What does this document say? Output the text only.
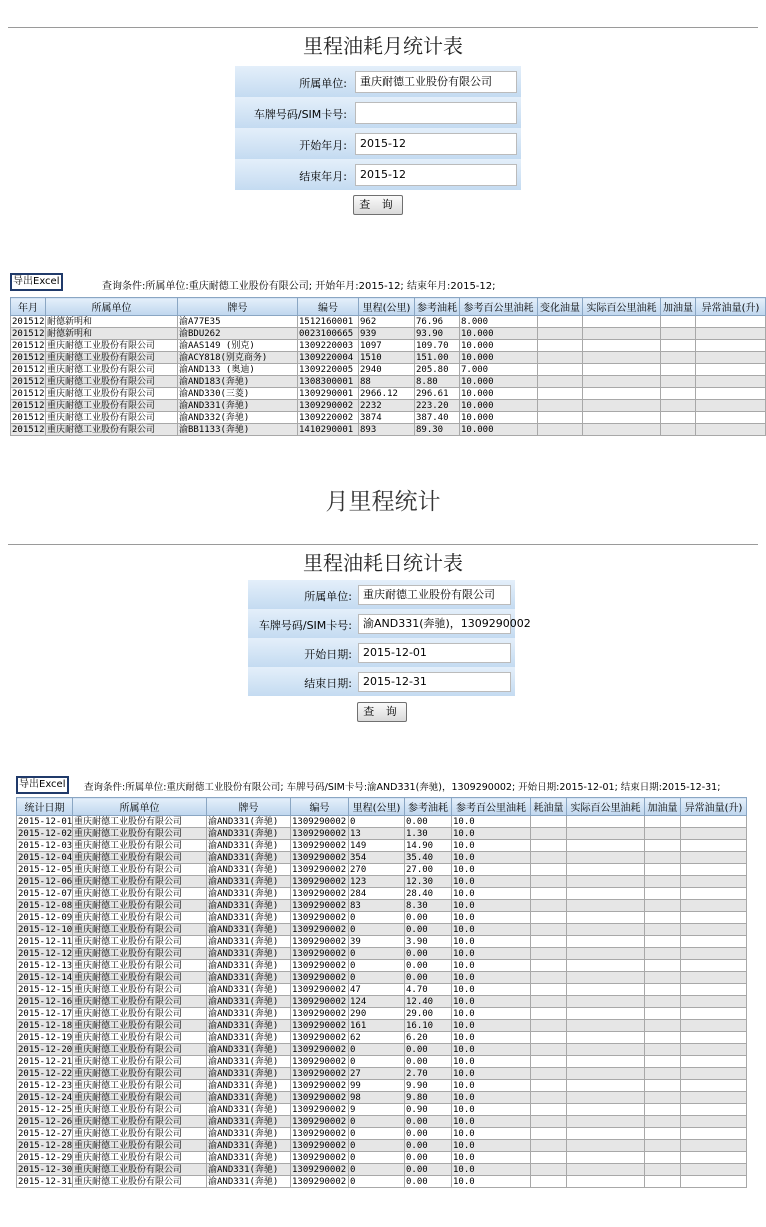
里程油耗月统计表
所属单位:	重庆耐德工业股份有限公司
车牌号码/SIM卡号:
开始年月:	2015-12
结束年月:	2015-12
查 询
导出Excel	查询条件:所属单位:重庆耐德工业股份有限公司; 开始年月:2015-12; 结束年月:2015-12;
年月	所属单位	牌号	编号	里程(公里)	参考油耗	参考百公里油耗	变化油量	实际百公里油耗	加油量	异常油量(升)
201512	耐德新明和	渝A77E35	1512160001	962	76.96	8.000				
201512	耐德新明和	渝BDU262	0023100665	939	93.90	10.000				
201512	重庆耐德工业股份有限公司	渝AAS149 (别克)	1309220003	1097	109.70	10.000				
201512	重庆耐德工业股份有限公司	渝ACY818(别克商务)	1309220004	1510	151.00	10.000				
201512	重庆耐德工业股份有限公司	渝AND133 (奥迪)	1309220005	2940	205.80	7.000				
201512	重庆耐德工业股份有限公司	渝AND183(奔驰)	1308300001	88	8.80	10.000				
201512	重庆耐德工业股份有限公司	渝AND330(三菱)	1309290001	2966.12	296.61	10.000				
201512	重庆耐德工业股份有限公司	渝AND331(奔驰)	1309290002	2232	223.20	10.000				
201512	重庆耐德工业股份有限公司	渝AND332(奔驰)	1309220002	3874	387.40	10.000				
201512	重庆耐德工业股份有限公司	渝BB1133(奔驰)	1410290001	893	89.30	10.000				
月里程统计
里程油耗日统计表
所属单位:	重庆耐德工业股份有限公司
车牌号码/SIM卡号:	渝AND331(奔驰)，1309290002
开始日期:	2015-12-01
结束日期:	2015-12-31
查 询
导出Excel	查询条件:所属单位:重庆耐德工业股份有限公司; 车牌号码/SIM卡号:渝AND331(奔驰)，1309290002; 开始日期:2015-12-01; 结束日期:2015-12-31;
统计日期	所属单位	牌号	编号	里程(公里)	参考油耗	参考百公里油耗	耗油量	实际百公里油耗	加油量	异常油量(升)
2015-12-01	重庆耐德工业股份有限公司	渝AND331(奔驰)	1309290002	0	0.00	10.0				
2015-12-02	重庆耐德工业股份有限公司	渝AND331(奔驰)	1309290002	13	1.30	10.0				
2015-12-03	重庆耐德工业股份有限公司	渝AND331(奔驰)	1309290002	149	14.90	10.0				
2015-12-04	重庆耐德工业股份有限公司	渝AND331(奔驰)	1309290002	354	35.40	10.0				
2015-12-05	重庆耐德工业股份有限公司	渝AND331(奔驰)	1309290002	270	27.00	10.0				
2015-12-06	重庆耐德工业股份有限公司	渝AND331(奔驰)	1309290002	123	12.30	10.0				
2015-12-07	重庆耐德工业股份有限公司	渝AND331(奔驰)	1309290002	284	28.40	10.0				
2015-12-08	重庆耐德工业股份有限公司	渝AND331(奔驰)	1309290002	83	8.30	10.0				
2015-12-09	重庆耐德工业股份有限公司	渝AND331(奔驰)	1309290002	0	0.00	10.0				
2015-12-10	重庆耐德工业股份有限公司	渝AND331(奔驰)	1309290002	0	0.00	10.0				
2015-12-11	重庆耐德工业股份有限公司	渝AND331(奔驰)	1309290002	39	3.90	10.0				
2015-12-12	重庆耐德工业股份有限公司	渝AND331(奔驰)	1309290002	0	0.00	10.0				
2015-12-13	重庆耐德工业股份有限公司	渝AND331(奔驰)	1309290002	0	0.00	10.0				
2015-12-14	重庆耐德工业股份有限公司	渝AND331(奔驰)	1309290002	0	0.00	10.0				
2015-12-15	重庆耐德工业股份有限公司	渝AND331(奔驰)	1309290002	47	4.70	10.0				
2015-12-16	重庆耐德工业股份有限公司	渝AND331(奔驰)	1309290002	124	12.40	10.0				
2015-12-17	重庆耐德工业股份有限公司	渝AND331(奔驰)	1309290002	290	29.00	10.0				
2015-12-18	重庆耐德工业股份有限公司	渝AND331(奔驰)	1309290002	161	16.10	10.0				
2015-12-19	重庆耐德工业股份有限公司	渝AND331(奔驰)	1309290002	62	6.20	10.0				
2015-12-20	重庆耐德工业股份有限公司	渝AND331(奔驰)	1309290002	0	0.00	10.0				
2015-12-21	重庆耐德工业股份有限公司	渝AND331(奔驰)	1309290002	0	0.00	10.0				
2015-12-22	重庆耐德工业股份有限公司	渝AND331(奔驰)	1309290002	27	2.70	10.0				
2015-12-23	重庆耐德工业股份有限公司	渝AND331(奔驰)	1309290002	99	9.90	10.0				
2015-12-24	重庆耐德工业股份有限公司	渝AND331(奔驰)	1309290002	98	9.80	10.0				
2015-12-25	重庆耐德工业股份有限公司	渝AND331(奔驰)	1309290002	9	0.90	10.0				
2015-12-26	重庆耐德工业股份有限公司	渝AND331(奔驰)	1309290002	0	0.00	10.0				
2015-12-27	重庆耐德工业股份有限公司	渝AND331(奔驰)	1309290002	0	0.00	10.0				
2015-12-28	重庆耐德工业股份有限公司	渝AND331(奔驰)	1309290002	0	0.00	10.0				
2015-12-29	重庆耐德工业股份有限公司	渝AND331(奔驰)	1309290002	0	0.00	10.0				
2015-12-30	重庆耐德工业股份有限公司	渝AND331(奔驰)	1309290002	0	0.00	10.0				
2015-12-31	重庆耐德工业股份有限公司	渝AND331(奔驰)	1309290002	0	0.00	10.0				
